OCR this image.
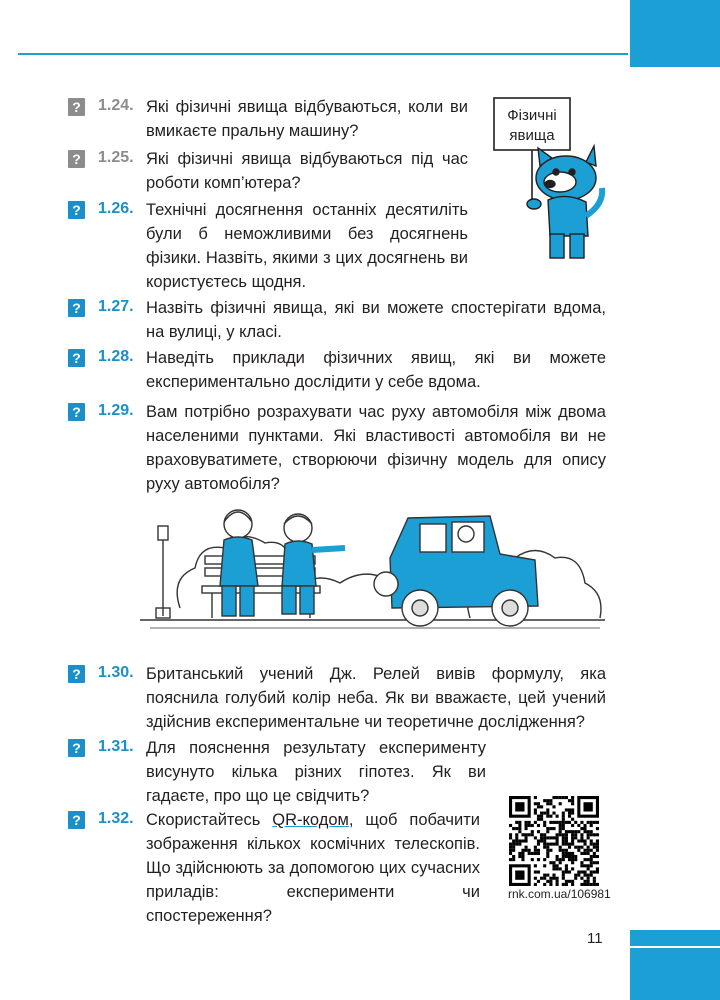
? 1.24. Які фізичні явища відбуваються, коли ви вмикаєте пральну машину?
? 1.25. Які фізичні явища відбуваються під час роботи комп’ютера?
? 1.26. Технічні досягнення останніх десятиліть були б неможливими без досягнень фізики. Назвіть, якими з цих досягнень ви користуєтесь щодня.
? 1.27. Назвіть фізичні явища, які ви можете спостерігати вдома, на вулиці, у класі.
? 1.28. Наведіть приклади фізичних явищ, які ви можете експериментально дослідити у себе вдома.
? 1.29. Вам потрібно розрахувати час руху автомобіля між двома населеними пунктами. Які властивості автомобіля ви не враховуватимете, створюючи фізичну модель для опису руху автомобіля?
? 1.30. Британський учений Дж. Релей вивів формулу, яка пояснила голубий колір неба. Як ви вважаєте, цей учений здійснив експериментальне чи теоретичне дослідження?
? 1.31. Для пояснення результату експерименту висунуто кілька різних гіпотез. Як ви гадаєте, про що це свідчить?
? 1.32. Скористайтесь QR-кодом, щоб побачити зображення кількох космічних телескопів. Що здійснюють за допомогою цих сучасних приладів: експерименти чи спостереження?
Фізичні
явища
rnk.com.ua/106981
11
